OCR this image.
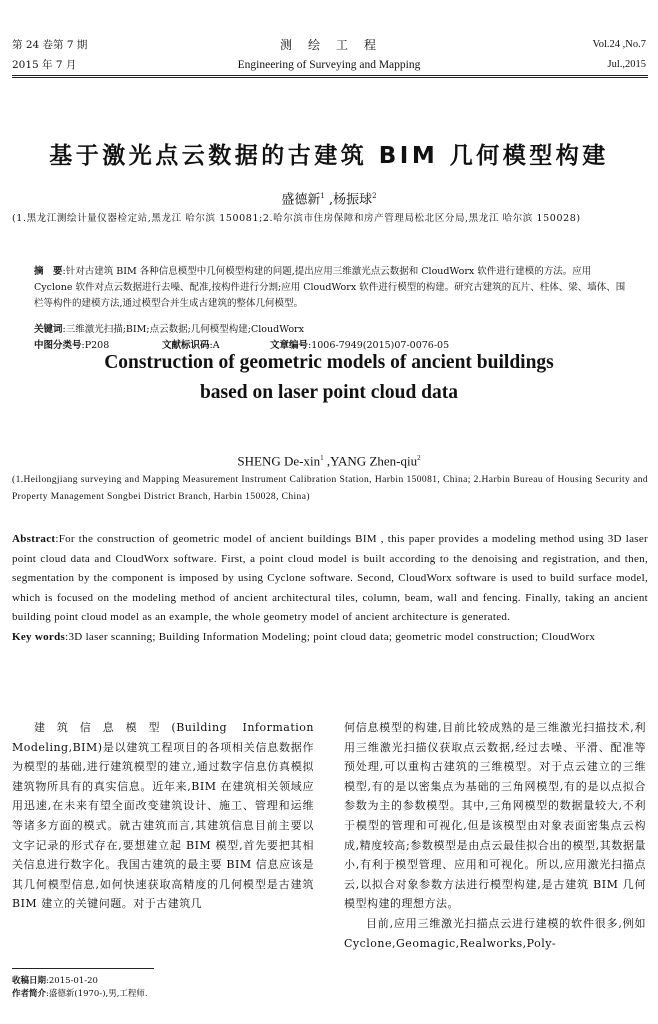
第 24 卷第 7 期
2015 年 7 月
测　绘　工　程
Engineering of Surveying and Mapping
Vol.24 ,No.7
Jul.,2015
基于激光点云数据的古建筑 BIM 几何模型构建
盛德新$^1$ ,杨振球$^2$
(1.黑龙江测绘计量仪器检定站,黑龙江 哈尔滨 150081;2.哈尔滨市住房保障和房产管理局松北区分局,黑龙江 哈尔滨 150028)
摘　要:针对古建筑 BIM 各种信息模型中几何模型构建的问题,提出应用三维激光点云数据和 CloudWorx 软件进行建模的方法。应用 Cyclone 软件对点云数据进行去噪、配准,按构件进行分割;应用 CloudWorx 软件进行模型的构建。研究古建筑的瓦片、柱体、梁、墙体、围栏等构件的建模方法,通过模型合并生成古建筑的整体几何模型。
关键词:三维激光扫描;BIM;点云数据;几何模型构建;CloudWorx
中图分类号:P208	文献标识码:A	文章编号:1006-7949(2015)07-0076-05
Construction of geometric models of ancient buildings
based on laser point cloud data
SHENG De-xin$^1$ ,YANG Zhen-qiu$^2$
(1.Heilongjiang surveying and Mapping Measurement Instrument Calibration Station, Harbin 150081, China; 2.Harbin Bureau of Housing Security and Property Management Songbei District Branch, Harbin 150028, China)
Abstract:For the construction of geometric model of ancient buildings BIM , this paper provides a modeling method using 3D laser point cloud data and CloudWorx software. First, a point cloud model is built according to the denoising and registration, and then, segmentation by the component is imposed by using Cyclone software. Second, CloudWorx software is used to build surface model, which is focused on the modeling method of ancient architectural tiles, column, beam, wall and fencing. Finally, taking an ancient building point cloud model as an example, the whole geometry model of ancient architecture is generated.
Key words:3D laser scanning; Building Information Modeling; point cloud data; geometric model construction; CloudWorx

建筑信息模型(Building Information Modeling,BIM)是以建筑工程项目的各项相关信息数据作为模型的基础,进行建筑模型的建立,通过数字信息仿真模拟建筑物所具有的真实信息。近年来,BIM 在建筑相关领域应用迅速,在未来有望全面改变建筑设计、施工、管理和运维等诸多方面的模式。就古建筑而言,其建筑信息目前主要以文字记录的形式存在,要想建立起 BIM 模型,首先要把其相关信息进行数字化。我国古建筑的最主要 BIM 信息应该是其几何模型信息,如何快速获取高精度的几何模型是古建筑 BIM 建立的关键问题。对于古建筑几

何信息模型的构建,目前比较成熟的是三维激光扫描技术,利用三维激光扫描仪获取点云数据,经过去噪、平滑、配准等预处理,可以重构古建筑的三维模型。对于点云建立的三维模型,有的是以密集点为基础的三角网模型,有的是以点拟合参数为主的参数模型。其中,三角网模型的数据量较大,不利于模型的管理和可视化,但是该模型由对象表面密集点云构成,精度较高;参数模型是由点云最佳拟合出的模型,其数据量小,有利于模型管理、应用和可视化。所以,应用激光扫描点云,以拟合对象参数方法进行模型构建,是古建筑 BIM 几何模型构建的理想方法。

目前,应用三维激光扫描点云进行建模的软件很多,例如 Cyclone,Geomagic,Realworks,Poly-

收稿日期:2015-01-20
作者简介:盛德新(1970-),男,工程师.
